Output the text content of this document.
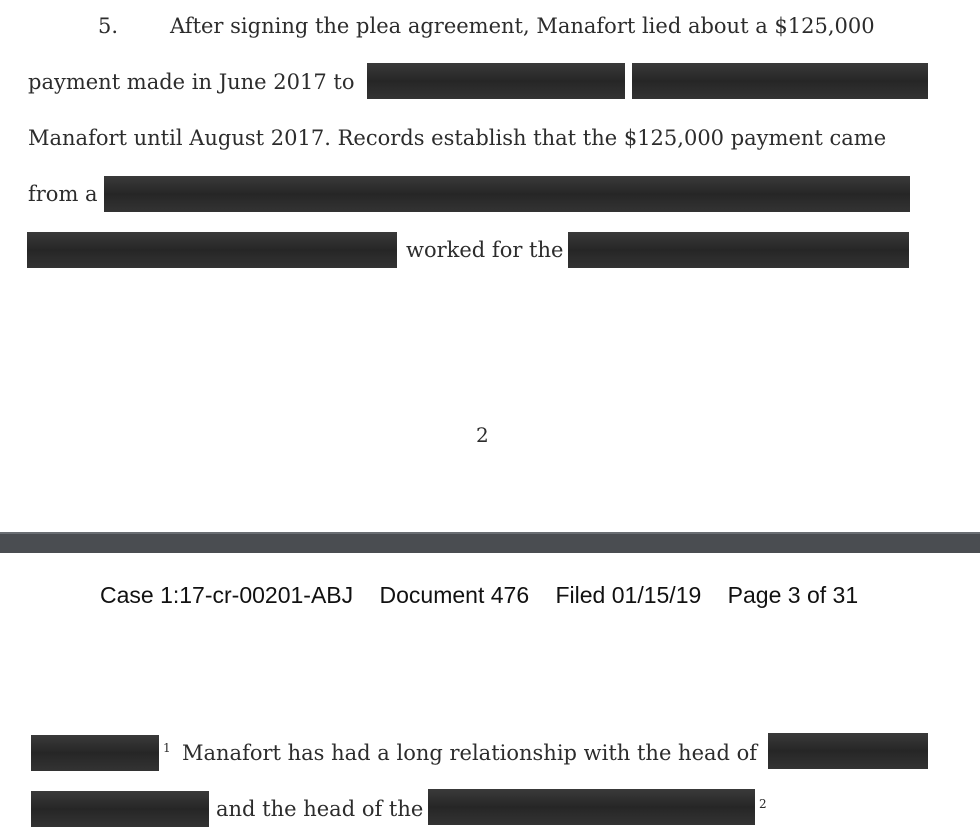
5. After signing the plea agreement, Manafort lied about a $125,000
payment made in June 2017 to
Manafort until August 2017. Records establish that the $125,000 payment came
from a
worked for the
2
Case 1:17-cr-00201-ABJ Document 476 Filed 01/15/19 Page 3 of 31
1 Manafort has had a long relationship with the head of
and the head of the	2
